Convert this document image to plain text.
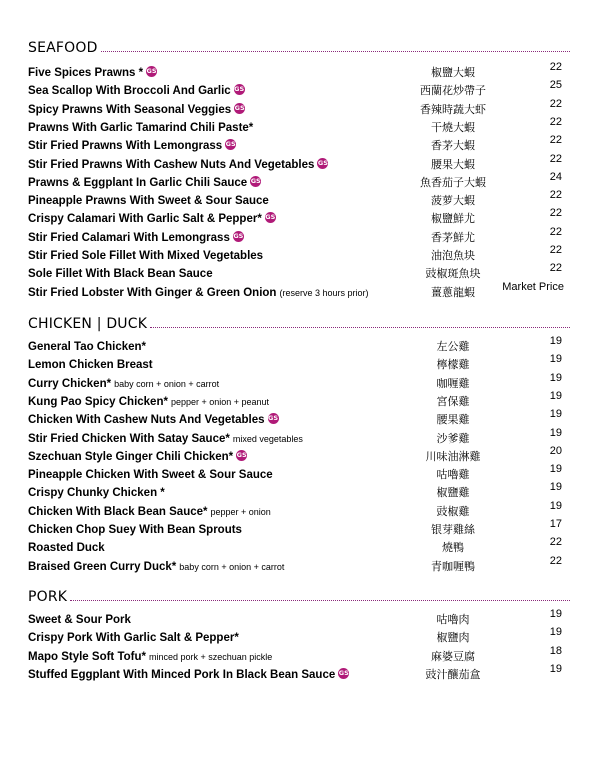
SEAFOOD
Five Spices Prawns * GS	椒鹽大蝦	22
Sea Scallop With Broccoli And Garlic GS	西蘭花炒帶子	25
Spicy Prawns With Seasonal Veggies GS	香辣時蔬大虾	22
Prawns With Garlic Tamarind Chili Paste*	干燒大蝦	22
Stir Fried Prawns With Lemongrass GS	香茅大蝦	22
Stir Fried Prawns With Cashew Nuts And Vegetables GS	腰果大蝦	22
Prawns & Eggplant In Garlic Chili Sauce GS	魚香茄子大蝦	24
Pineapple Prawns With Sweet & Sour Sauce	菠萝大蝦	22
Crispy Calamari With Garlic Salt & Pepper* GS	椒鹽鮮尤	22
Stir Fried Calamari With Lemongrass GS	香茅鮮尤	22
Stir Fried Sole Fillet With Mixed Vegetables	油泡魚块	22
Sole Fillet With Black Bean Sauce	豉椒斑魚块	22
Stir Fried Lobster With Ginger & Green Onion (reserve 3 hours prior)	薑蔥龍蝦	Market Price
CHICKEN | DUCK
General Tao Chicken*	左公雞	19
Lemon Chicken Breast	檸檬雞	19
Curry Chicken* baby corn + onion + carrot	咖喱雞	19
Kung Pao Spicy Chicken* pepper + onion + peanut	宮保雞	19
Chicken With Cashew Nuts And Vegetables GS	腰果雞	19
Stir Fried Chicken With Satay Sauce* mixed vegetables	沙爹雞	19
Szechuan Style Ginger Chili Chicken* GS	川味油淋雞	20
Pineapple Chicken With Sweet & Sour Sauce	咕嚕雞	19
Crispy Chunky Chicken *	椒鹽雞	19
Chicken With Black Bean Sauce* pepper + onion	豉椒雞	19
Chicken Chop Suey With Bean Sprouts	银芽雞絲	17
Roasted Duck	燒鴨	22
Braised Green Curry Duck* baby corn + onion + carrot	青咖喱鴨	22
PORK
Sweet & Sour Pork	咕嚕肉	19
Crispy Pork With Garlic Salt & Pepper*	椒鹽肉	19
Mapo Style Soft Tofu* minced pork + szechuan pickle	麻婆豆腐	18
Stuffed Eggplant With Minced Pork In Black Bean Sauce GS	豉汁釀茄盒	19
